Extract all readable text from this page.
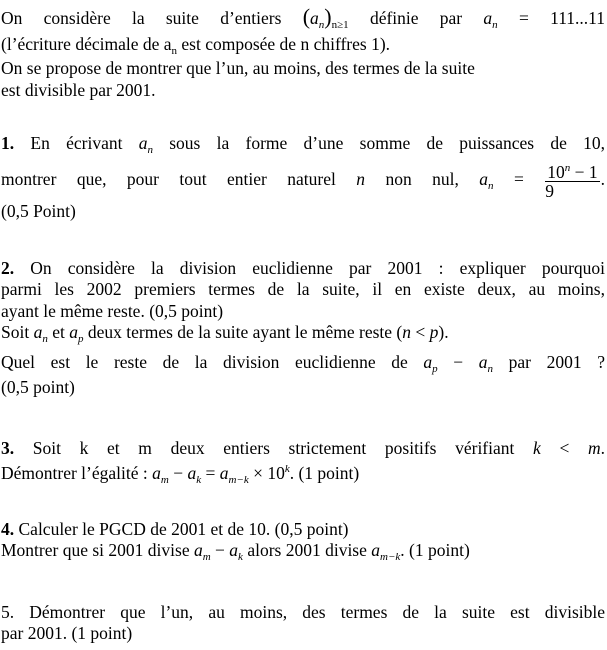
On considère la suite d’entiers $(a_n)_{n\ge 1}$ définie par $a_n = 111...11$
(l’écriture décimale de $a_n$ est composée de n chiffres 1).
On se propose de montrer que l’un, au moins, des termes de la suite
est divisible par 2001.
1. En écrivant $a_n$ sous la forme d’une somme de puissances de 10,
montrer que, pour tout entier naturel n non nul, $a_n = \frac{10^n - 1}{9}$ .
(0,5 Point)
2. On considère la division euclidienne par 2001 : expliquer pourquoi
parmi les 2002 premiers termes de la suite, il en existe deux, au moins,
ayant le même reste. (0,5 point)
Soit $a_n$ et $a_p$ deux termes de la suite ayant le même reste (n < p).
Quel est le reste de la division euclidienne de $a_p - a_n$ par 2001 ?
(0,5 point)
3. Soit k et m deux entiers strictement positifs vérifiant k < m.
Démontrer l’égalité : $a_m - a_k = a_{m-k} \times 10^k$. (1 point)
4. Calculer le PGCD de 2001 et de 10. (0,5 point)
Montrer que si 2001 divise $a_m - a_k$ alors 2001 divise $a_{m-k}$. (1 point)
5. Démontrer que l’un, au moins, des termes de la suite est divisible
par 2001. (1 point)
